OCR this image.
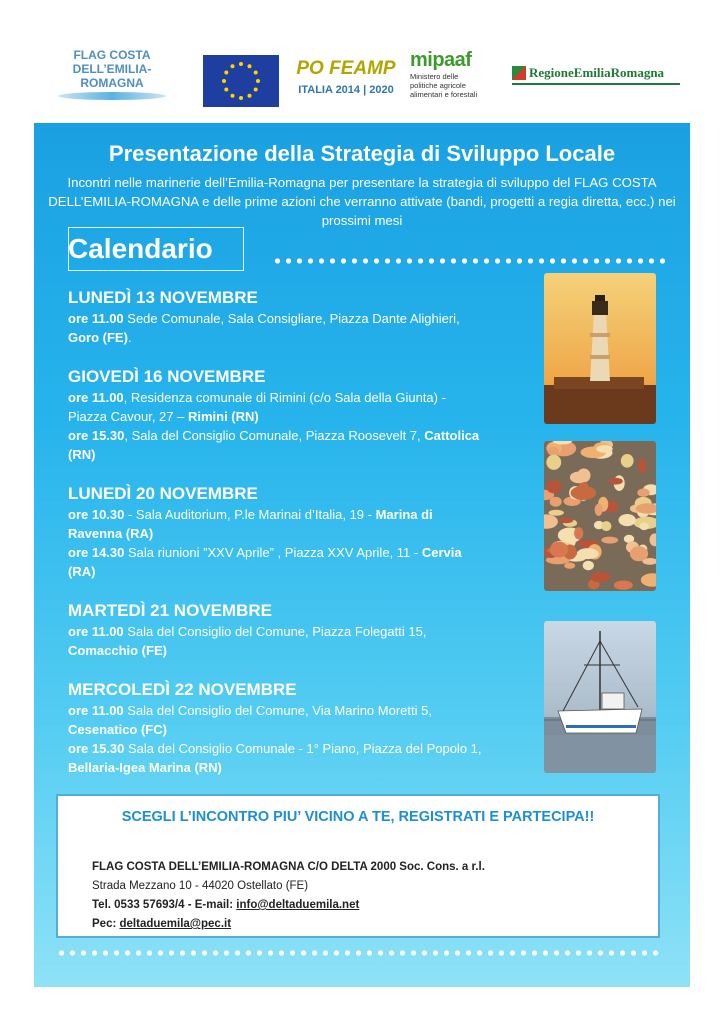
FLAG COSTA
DELL’EMILIA-ROMAGNA
PO FEAMP
ITALIA 2014 | 2020
mipaaf
Ministero delle
politiche agricole
alimentari e forestali
RegioneEmiliaRomagna
Presentazione della Strategia di Sviluppo Locale
Incontri nelle marinerie dell’Emilia-Romagna per presentare la strategia di sviluppo del FLAG COSTA DELL’EMILIA-ROMAGNA e delle prime azioni che verranno attivate (bandi, progetti a regia diretta, ecc.) nei prossimi mesi
Calendario
LUNEDÌ 13 NOVEMBRE
ore 11.00 Sede Comunale, Sala Consigliare, Piazza Dante Alighieri, Goro (FE).
GIOVEDÌ 16 NOVEMBRE
ore 11.00, Residenza comunale di Rimini (c/o Sala della Giunta) - Piazza Cavour, 27 – Rimini (RN)
ore 15.30, Sala del Consiglio Comunale, Piazza Roosevelt 7, Cattolica (RN)
LUNEDÌ 20 NOVEMBRE
ore 10.30 - Sala Auditorium, P.le Marinai d’Italia, 19 - Marina di Ravenna (RA)
ore 14.30 Sala riunioni ”XXV Aprile” , Piazza XXV Aprile, 11 - Cervia (RA)
MARTEDÌ 21 NOVEMBRE
ore 11.00 Sala del Consiglio del Comune, Piazza Folegatti 15, Comacchio (FE)
MERCOLEDÌ 22 NOVEMBRE
ore 11.00 Sala del Consiglio del Comune, Via Marino Moretti 5, Cesenatico (FC)
ore 15.30 Sala del Consiglio Comunale - 1° Piano, Piazza del Popolo 1, Bellaria-Igea Marina (RN)
SCEGLI L’INCONTRO PIU’ VICINO A TE, REGISTRATI E PARTECIPA!!
FLAG COSTA DELL’EMILIA-ROMAGNA C/O DELTA 2000 Soc. Cons. a r.l.
Strada Mezzano 10 - 44020 Ostellato (FE)
Tel. 0533 57693/4 - E-mail: info@deltaduemila.net
Pec: deltaduemila@pec.it
